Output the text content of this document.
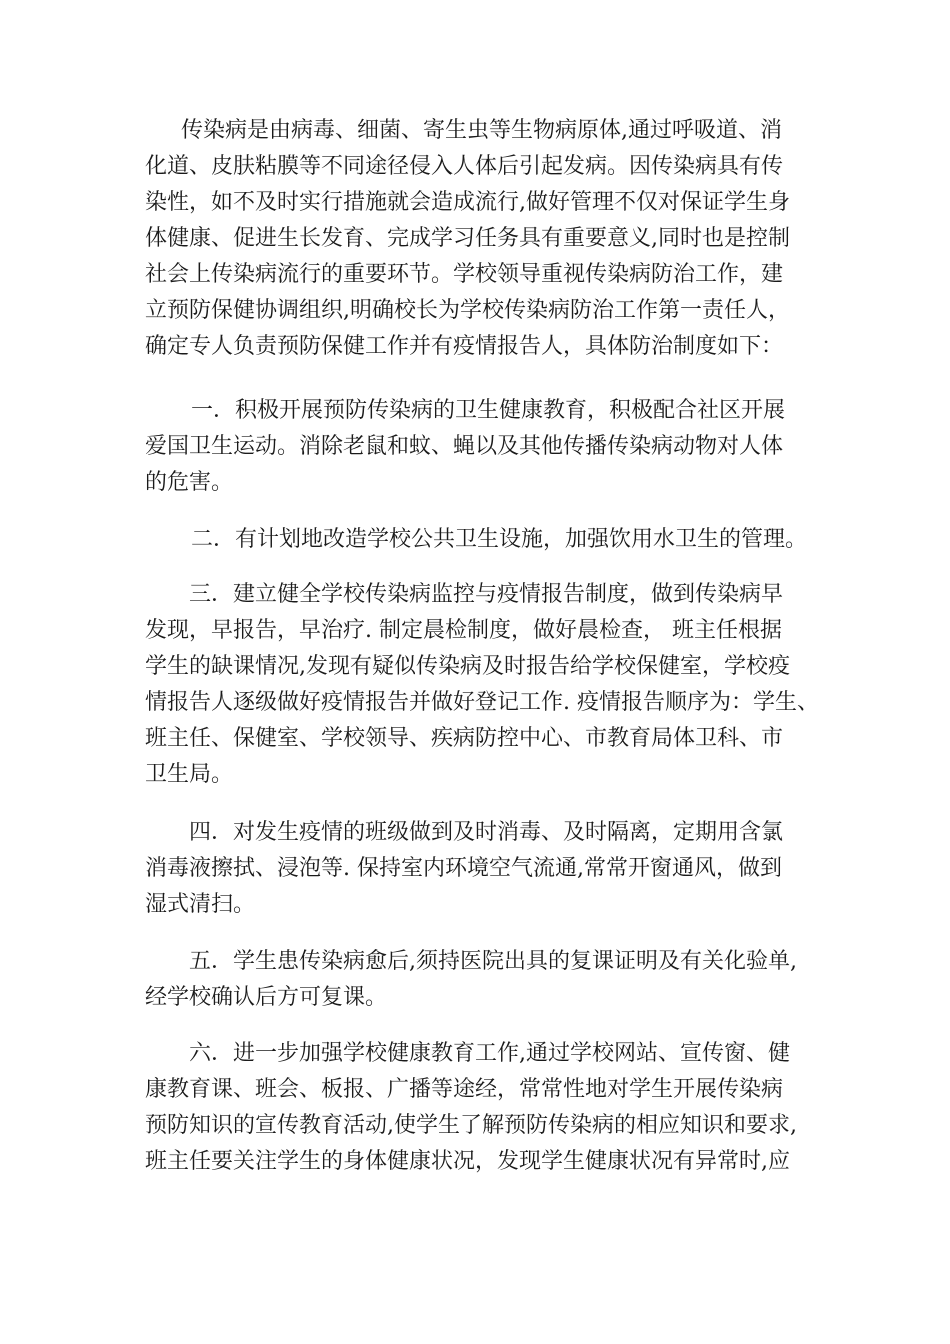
传染病是由病毒、细菌、寄生虫等生物病原体,通过呼吸道、消
化道、皮肤粘膜等不同途径侵入人体后引起发病。因传染病具有传
染性，如不及时实行措施就会造成流行,做好管理不仅对保证学生身
体健康、促进生长发育、完成学习任务具有重要意义,同时也是控制
社会上传染病流行的重要环节。学校领导重视传染病防治工作，建
立预防保健协调组织,明确校长为学校传染病防治工作第一责任人，
确定专人负责预防保健工作并有疫情报告人，具体防治制度如下：

一．积极开展预防传染病的卫生健康教育，积极配合社区开展
爱国卫生运动。消除老鼠和蚊、蝇以及其他传播传染病动物对人体
的危害。

二．有计划地改造学校公共卫生设施，加强饮用水卫生的管理。

三．建立健全学校传染病监控与疫情报告制度，做到传染病早
发现，早报告，早治疗. 制定晨检制度，做好晨检查， 班主任根据
学生的缺课情况,发现有疑似传染病及时报告给学校保健室，学校疫
情报告人逐级做好疫情报告并做好登记工作. 疫情报告顺序为：学生、
班主任、保健室、学校领导、疾病防控中心、市教育局体卫科、市
卫生局。

四．对发生疫情的班级做到及时消毒、及时隔离，定期用含氯
消毒液擦拭、浸泡等. 保持室内环境空气流通,常常开窗通风，做到
湿式清扫。

五．学生患传染病愈后,须持医院出具的复课证明及有关化验单,
经学校确认后方可复课。

六．进一步加强学校健康教育工作,通过学校网站、宣传窗、健
康教育课、班会、板报、广播等途经，常常性地对学生开展传染病
预防知识的宣传教育活动,使学生了解预防传染病的相应知识和要求,
班主任要关注学生的身体健康状况，发现学生健康状况有异常时,应
